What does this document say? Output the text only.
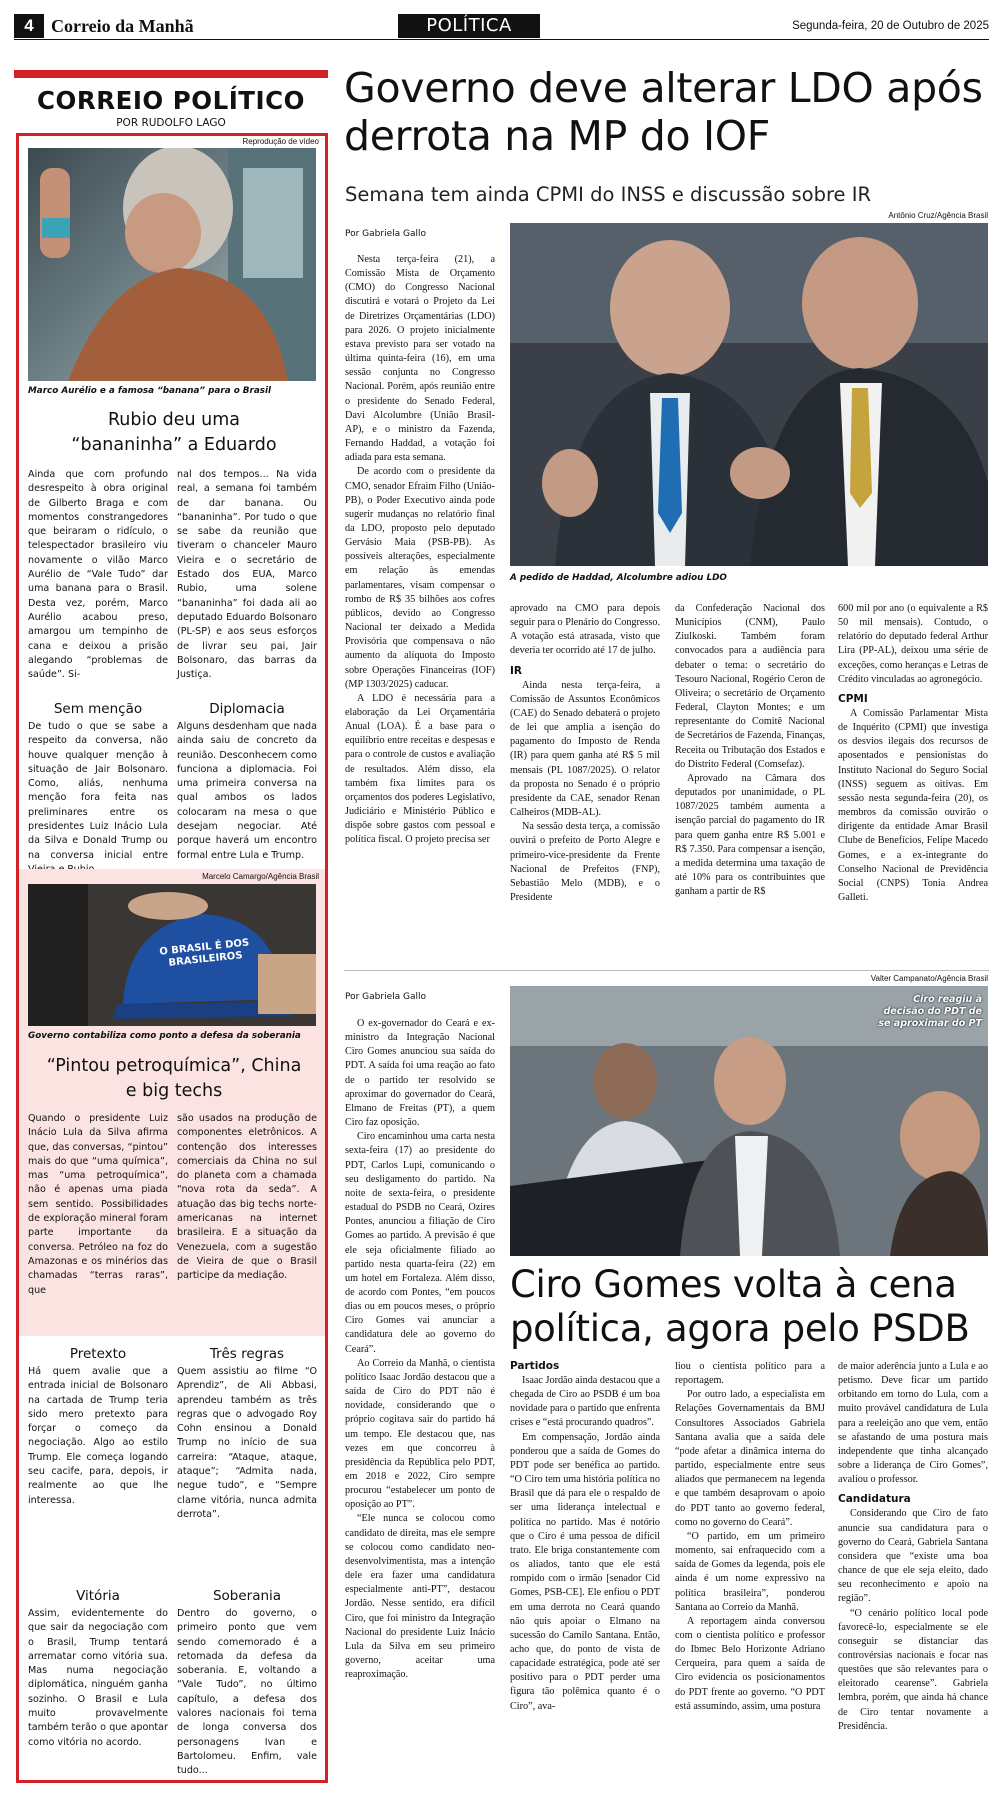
4 Correio da Manhã	POLÍTICA	Segunda-feira, 20 de Outubro de 2025
CORREIO POLÍTICO
POR RUDOLFO LAGO
Reprodução de vídeo
Marco Aurélio e a famosa “banana” para o Brasil
Rubio deu uma “bananinha” a Eduardo

Ainda que com profundo desrespeito à obra original de Gilberto Braga e com momentos constrangedores que beiraram o ridículo, o telespectador brasileiro viu novamente o vilão Marco Aurélio de “Vale Tudo” dar uma banana para o Brasil. Desta vez, porém, Marco Aurélio acabou preso, amargou um tempinho de cana e deixou a prisão alegando “problemas de saúde”. Si-

nal dos tempos... Na vida real, a semana foi também de dar banana. Ou “bananinha”. Por tudo o que se sabe da reunião que tiveram o chanceler Mauro Vieira e o secretário de Estado dos EUA, Marco Rubio, uma solene “bananinha” foi dada ali ao deputado Eduardo Bolsonaro (PL-SP) e aos seus esforços de livrar seu pai, Jair Bolsonaro, das barras da Justiça.

Sem menção

De tudo o que se sabe a respeito da conversa, não houve qualquer menção à situação de Jair Bolsonaro. Como, aliás, nenhuma menção fora feita nas preliminares entre os presidentes Luiz Inácio Lula da Silva e Donald Trump ou na conversa inicial entre

Diplomacia

Alguns desdenham que nada ainda saiu de concreto da reunião. Desconhecem como funciona a diplomacia. Foi uma primeira conversa na qual ambos os lados colocaram na mesa o que desejam negociar. Até porque haverá um encontro formal entre Lula e Trump.

Marcelo Camargo/Agência Brasil
O BRASIL É DOS BRASILEIROS
Governo contabiliza como ponto a defesa da soberania
“Pintou petroquímica”, China e big techs

Quando o presidente Luiz Inácio Lula da Silva afirma que, das conversas, “pintou” mais do que “uma química”, mas “uma petroquímica”, não é apenas uma piada sem sentido. Possibilidades de exploração mineral foram parte importante da conversa. Petróleo na foz do Amazonas e os minérios das chamadas “terras raras”, que

são usados na produção de componentes eletrônicos. A contenção dos interesses comerciais da China no sul do planeta com a chamada “nova rota da seda”. A atuação das big techs norte-americanas na internet brasileira. E a situação da Venezuela, com a sugestão de Vieira de que o Brasil participe da mediação.

Pretexto

Há quem avalie que a entrada inicial de Bolsonaro na cartada de Trump teria sido mero pretexto para forçar o começo da negociação. Algo ao estilo Trump. Ele começa logando seu cacife, para, depois, ir realmente ao que lhe interessa.

Três regras

Quem assistiu ao filme “O Aprendiz”, de Ali Abbasi, aprendeu também as três regras que o advogado Roy Cohn ensinou a Donald Trump no início de sua carreira: “Ataque, ataque, ataque”; “Admita nada, negue tudo”, e “Sempre clame vitória, nunca admita derrota”.

Vitória

Assim, evidentemente do que sair da negociação com o Brasil, Trump tentará arrematar como vitória sua. Mas numa negociação diplomática, ninguém ganha sozinho. O Brasil e Lula muito provavelmente também terão o que apontar como vitória no acordo.

Soberania

Dentro do governo, o primeiro ponto que vem sendo comemorado é a retomada da defesa da soberania. E, voltando a “Vale Tudo”, no último capítulo, a defesa dos valores nacionais foi tema de longa conversa dos personagens Ivan e Bartolomeu. Enfim, vale tudo...

Governo deve alterar LDO após derrota na MP do IOF
Semana tem ainda CPMI do INSS e discussão sobre IR
Antônio Cruz/Agência Brasil
Por Gabriela Gallo

Nesta terça-feira (21), a Comissão Mista de Orçamento (CMO) do Congresso Nacional discutirá e votará o Projeto da Lei de Diretrizes Orçamentárias (LDO) para 2026. O projeto inicialmente estava previsto para ser votado na última quinta-feira (16), em uma sessão conjunta no Congresso Nacional. Porém, após reunião entre o presidente do Senado Federal, Davi Alcolumbre (União Brasil-AP), e o ministro da Fazenda, Fernando Haddad, a votação foi adiada para esta semana.

De acordo com o presidente da CMO, senador Efraim Filho (União-PB), o Poder Executivo ainda pode sugerir mudanças no relatório final da LDO, proposto pelo deputado Gervásio Maia (PSB-PB). As possíveis alterações, especialmente em relação às emendas parlamentares, visam compensar o rombo de R$ 35 bilhões aos cofres públicos, devido ao Congresso Nacional ter deixado a Medida Provisória que compensava o não aumento da alíquota do Imposto sobre Operações Financeiras (IOF) (MP 1303/2025) caducar.

A LDO é necessária para a elaboração da Lei Orçamentária Anual (LOA). É a base para o equilíbrio entre receitas e despesas e para o controle de custos e avaliação de resultados. Além disso, ela também fixa limites para os orçamentos dos poderes Legislativo, Judiciário e Ministério Público e dispõe sobre gastos com pessoal e política fiscal. O projeto precisa ser

A pedido de Haddad, Alcolumbre adiou LDO

aprovado na CMO para depois seguir para o Plenário do Congresso. A votação está atrasada, visto que deveria ter ocorrido até 17 de julho.

IR

Ainda nesta terça-feira, a Comissão de Assuntos Econômicos (CAE) do Senado debaterá o projeto de lei que amplia a isenção do pagamento do Imposto de Renda (IR) para quem ganha até R$ 5 mil mensais (PL 1087/2025). O relator da proposta no Senado é o próprio presidente da CAE, senador Renan Calheiros (MDB-AL).

Na sessão desta terça, a comissão ouvirá o prefeito de Porto Alegre e primeiro-vice-presidente da Frente Nacional de Prefeitos (FNP), Sebastião Melo (MDB), e o Presidente

da Confederação Nacional dos Municípios (CNM), Paulo Ziulkoski. Também foram convocados para a audiência para debater o tema: o secretário do Tesouro Nacional, Rogério Ceron de Oliveira; o secretário de Orçamento Federal, Clayton Montes; e um representante do Comitê Nacional de Secretários de Fazenda, Finanças, Receita ou Tributação dos Estados e do Distrito Federal (Comsefaz).

Aprovado na Câmara dos deputados por unanimidade, o PL 1087/2025 também aumenta a isenção parcial do pagamento do IR para quem ganha entre R$ 5.001 e R$ 7.350. Para compensar a isenção, a medida determina uma taxação de até 10% para os contribuintes que ganham a partir de R$

600 mil por ano (o equivalente a R$ 50 mil mensais). Contudo, o relatório do deputado federal Arthur Lira (PP-AL), deixou uma série de exceções, como heranças e Letras de Crédito vinculadas ao agronegócio.

CPMI

A Comissão Parlamentar Mista de Inquérito (CPMI) que investiga os desvios ilegais dos recursos de aposentados e pensionistas do Instituto Nacional do Seguro Social (INSS) seguem as oitivas. Em sessão nesta segunda-feira (20), os membros da comissão ouvirão o dirigente da entidade Amar Brasil Clube de Benefícios, Felipe Macedo Gomes, e a ex-integrante do Conselho Nacional de Previdência Social (CNPS) Tonia Andrea Galleti.

Valter Campanato/Agência Brasil
Por Gabriela Gallo

O ex-governador do Ceará e ex-ministro da Integração Nacional Ciro Gomes anunciou sua saída do PDT. A saída foi uma reação ao fato de o partido ter resolvido se aproximar do governador do Ceará, Elmano de Freitas (PT), a quem Ciro faz oposição.

Ciro encaminhou uma carta nesta sexta-feira (17) ao presidente do PDT, Carlos Lupi, comunicando o seu desligamento do partido. Na noite de sexta-feira, o presidente estadual do PSDB no Ceará, Ozires Pontes, anunciou a filiação de Ciro Gomes ao partido. A previsão é que ele seja oficialmente filiado ao partido nesta quarta-feira (22) em um hotel em Fortaleza. Além disso, de acordo com Pontes, “em poucos dias ou em poucos meses, o próprio Ciro Gomes vai anunciar a candidatura dele ao governo do Ceará”.

Ao Correio da Manhã, o cientista político Isaac Jordão destacou que a saída de Ciro do PDT não é novidade, considerando que o próprio cogitava sair do partido há um tempo. Ele destacou que, nas vezes em que concorreu à presidência da República pelo PDT, em 2018 e 2022, Ciro sempre procurou “estabelecer um ponto de oposição ao PT”.

“Ele nunca se colocou como candidato de direita, mas ele sempre se colocou como candidato neo-desenvolvimentista, mas a intenção dele era fazer uma candidatura especialmente anti-PT”, destacou Jordão. Nesse sentido, era difícil Ciro, que foi ministro da Integração Nacional do presidente Luiz Inácio Lula da Silva em seu primeiro governo, aceitar uma reaproximação.

Ciro reagiu à decisão do PDT de se aproximar do PT
Ciro Gomes volta à cena política, agora pelo PSDB
Partidos

Isaac Jordão ainda destacou que a chegada de Ciro ao PSDB é um boa novidade para o partido que enfrenta crises e “está procurando quadros”.

Em compensação, Jordão ainda ponderou que a saída de Gomes do PDT pode ser benéfica ao partido. “O Ciro tem uma história política no Brasil que dá para ele o respaldo de ser uma liderança intelectual e política no partido. Mas é notório que o Ciro é uma pessoa de difícil trato. Ele briga constantemente com os aliados, tanto que ele está rompido com o irmão [senador Cid Gomes, PSB-CE]. Ele enfiou o PDT em uma derrota no Ceará quando não quis apoiar o Elmano na sucessão do Camilo Santana. Então, acho que, do ponto de vista de capacidade estratégica, pode até ser positivo para o PDT perder uma figura tão polêmica quanto é o Ciro”, ava-

liou o cientista político para a reportagem.

Por outro lado, a especialista em Relações Governamentais da BMJ Consultores Associados Gabriela Santana avalia que a saída dele “pode afetar a dinâmica interna do partido, especialmente entre seus aliados que permanecem na legenda e que também desaprovam o apoio do PDT tanto ao governo federal, como no governo do Ceará”.

“O partido, em um primeiro momento, sai enfraquecido com a saída de Gomes da legenda, pois ele ainda é um nome expressivo na política brasileira”, ponderou Santana ao Correio da Manhã.

A reportagem ainda conversou com o cientista político e professor do Ibmec Belo Horizonte Adriano Cerqueira, para quem a saída de Ciro evidencia os posicionamentos do PDT frente ao governo. “O PDT está assumindo, assim, uma postura

de maior aderência junto a Lula e ao petismo. Deve ficar um partido orbitando em torno do Lula, com a muito provável candidatura de Lula para a reeleição ano que vem, então se afastando de uma postura mais independente que tinha alcançado sobre a liderança de Ciro Gomes”, avaliou o professor.

Candidatura

Considerando que Ciro de fato anuncie sua candidatura para o governo do Ceará, Gabriela Santana considera que “existe uma boa chance de que ele seja eleito, dado seu reconhecimento e apoio na região”.

“O cenário político local pode favorecê-lo, especialmente se ele conseguir se distanciar das controvérsias nacionais e focar nas questões que são relevantes para o eleitorado cearense”. Gabriela lembra, porém, que ainda há chance de Ciro tentar novamente a Presidência.
